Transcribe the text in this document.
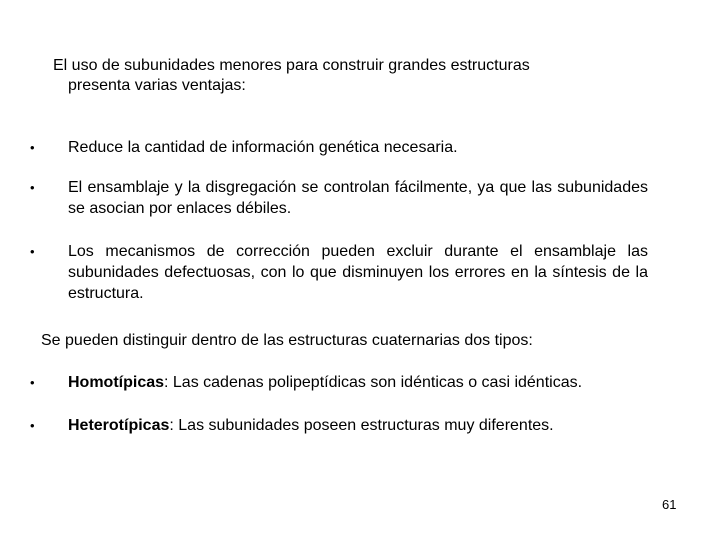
El uso de subunidades menores para construir grandes estructuras
presenta varias ventajas:
• Reduce la cantidad de información genética necesaria.
• El ensamblaje y la disgregación se controlan fácilmente, ya que las subunidades se asocian por enlaces débiles.
• Los mecanismos de corrección pueden excluir durante el ensamblaje las subunidades defectuosas, con lo que disminuyen los errores en la síntesis de la estructura.
Se pueden distinguir dentro de las estructuras cuaternarias dos tipos:
• Homotípicas: Las cadenas polipeptídicas son idénticas o casi idénticas.
• Heterotípicas: Las subunidades poseen estructuras muy diferentes.
61
